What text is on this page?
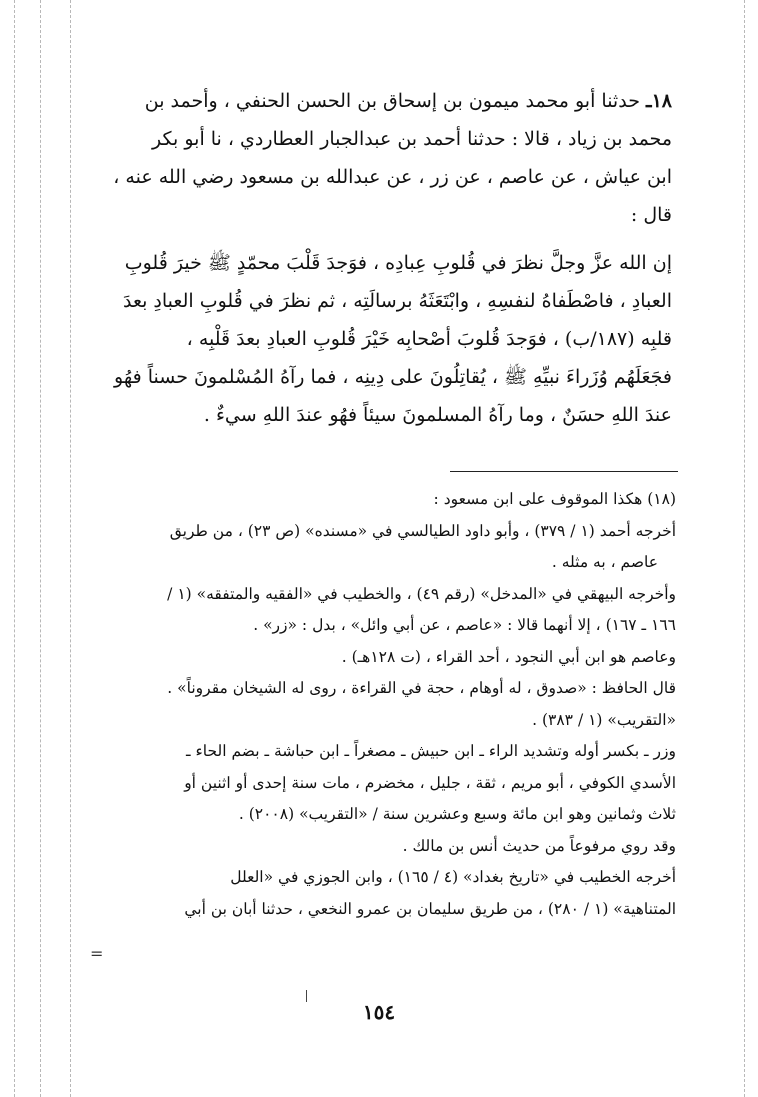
١٨ـ حدثنا أبو محمد ميمون بن إسحاق بن الحسن الحنفي ، وأحمد بن

محمد بن زياد ، قالا : حدثنا أحمد بن عبدالجبار العطاردي ، نا أبو بكر

ابن عياش ، عن عاصم ، عن زر ، عن عبدالله بن مسعود رضي الله عنه ،

قال :

إن الله عزَّ وجلَّ نظرَ في قُلوبِ عِبادِه ، فوَجدَ قَلْبَ محمّدٍ ﷺ خيرَ قُلوبِ

العبادِ ، فاصْطَفاهُ لنفسِهِ ، وابْتَعَثَهُ برسالَتِه ، ثم نظرَ في قُلوبِ العبادِ بعدَ

قلبِه (١٨٧/ب) ، فوَجدَ قُلوبَ أصْحابِه خَيْرَ قُلوبِ العبادِ بعدَ قَلْبِه ،

فجَعَلَهُم وُزَراءَ نبيِّهِ ﷺ ، يُقاتِلُونَ على دِينِه ، فما رآهُ المُسْلمونَ حسناً فهُو

عندَ اللهِ حسَنٌ ، وما رآهُ المسلمونَ سيئاً فهُو عندَ اللهِ سيءٌ .

(١٨) هكذا الموقوف على ابن مسعود :

أخرجه أحمد (١ / ٣٧٩) ، وأبو داود الطيالسي في «مسنده» (ص ٢٣) ، من طريق

عاصم ، به مثله .

وأخرجه البيهقي في «المدخل» (رقم ٤٩) ، والخطيب في «الفقيه والمتفقه» (١ /

١٦٦ ـ ١٦٧) ، إلا أنهما قالا : «عاصم ، عن أبي وائل» ، بدل : «زر» .

وعاصم هو ابن أبي النجود ، أحد القراء ، (ت ١٢٨هـ) .

قال الحافظ : «صدوق ، له أوهام ، حجة في القراءة ، روى له الشيخان مقروناً» .

«التقريب» (١ / ٣٨٣) .

وزر ـ بكسر أوله وتشديد الراء ـ ابن حبيش ـ مصغراً ـ ابن حباشة ـ بضم الحاء ـ

الأسدي الكوفي ، أبو مريم ، ثقة ، جليل ، مخضرم ، مات سنة إحدى أو اثنين أو

ثلاث وثمانين وهو ابن مائة وسبع وعشرين سنة / «التقريب» (٢٠٠٨) .

وقد روي مرفوعاً من حديث أنس بن مالك .

أخرجه الخطيب في «تاريخ بغداد» (٤ / ١٦٥) ، وابن الجوزي في «العلل

المتناهية» (١ / ٢٨٠) ، من طريق سليمان بن عمرو النخعي ، حدثنا أبان بن أبي

=
١٥٤
